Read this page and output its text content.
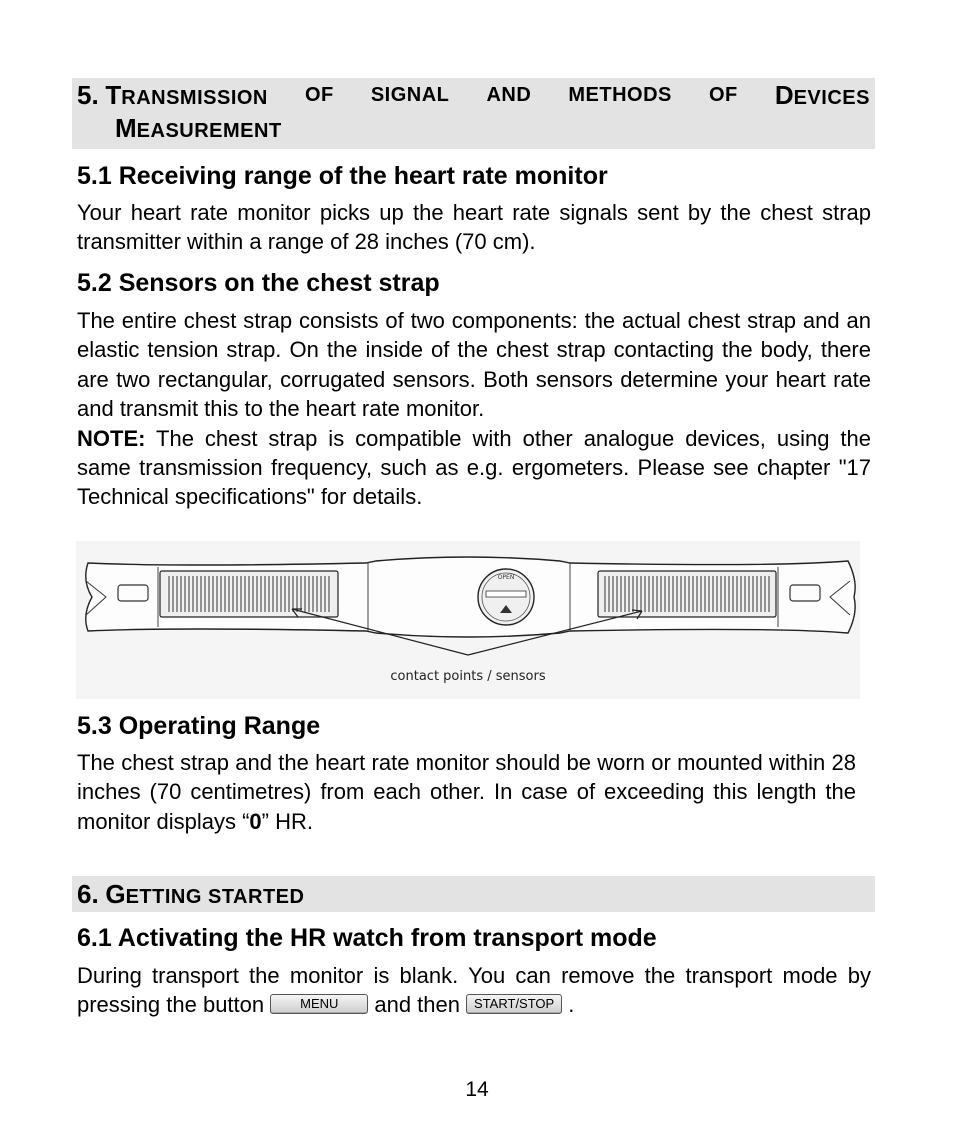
5. TRANSMISSION OF SIGNAL AND METHODS OF DEVICES
MEASUREMENT
5.1 Receiving range of the heart rate monitor
Your heart rate monitor picks up the heart rate signals sent by the chest strap transmitter within a range of 28 inches (70 cm).
5.2 Sensors on the chest strap
The entire chest strap consists of two components: the actual chest strap and an elastic tension strap. On the inside of the chest strap contacting the body, there are two rectangular, corrugated sensors. Both sensors determine your heart rate and transmit this to the heart rate monitor.
NOTE: The chest strap is compatible with other analogue devices, using the same transmission frequency, such as e.g. ergometers. Please see chapter "17 Technical specifications" for details.
OPEN
contact points / sensors
5.3 Operating Range
The chest strap and the heart rate monitor should be worn or mounted within 28 inches (70 centimetres) from each other. In case of exceeding this length the monitor displays “0” HR.
6. GETTING STARTED
6.1 Activating the HR watch from transport mode
During transport the monitor is blank. You can remove the transport mode by pressing the button MENU and then START/STOP .
14
